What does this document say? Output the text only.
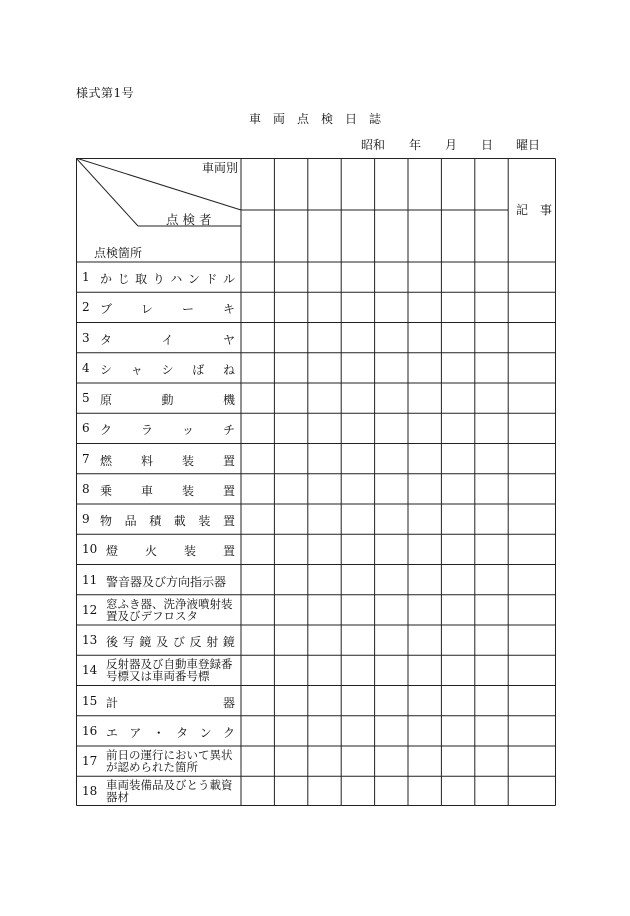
様式第1号
車 両 点 検 日 誌
昭和 年 月 日 曜日
車両別
点 検 者
点検箇所
記　事
1 か じ 取 り ハ ン ド ル
2 ブ レ ー キ
3 タ	イ	ヤ
4 シ ャ シ ば ね
5 原	動	機
6 ク ラ ッ チ
7 燃 料 装 置
8 乗 車 装 置
9 物 品 積 載 装 置
10 燈 火 装 置
11 警音器及び方向指示器
12 窓ふき器、洗浄液噴射装置及びデフロスタ
13 後 写 鏡 及 び 反 射 鏡
14 反射器及び自動車登録番号標又は車両番号標
15 計	器
16 エ ア ・ タ ン ク
17 前日の運行において異状が認められた箇所
18 車両装備品及びとう載資器材
